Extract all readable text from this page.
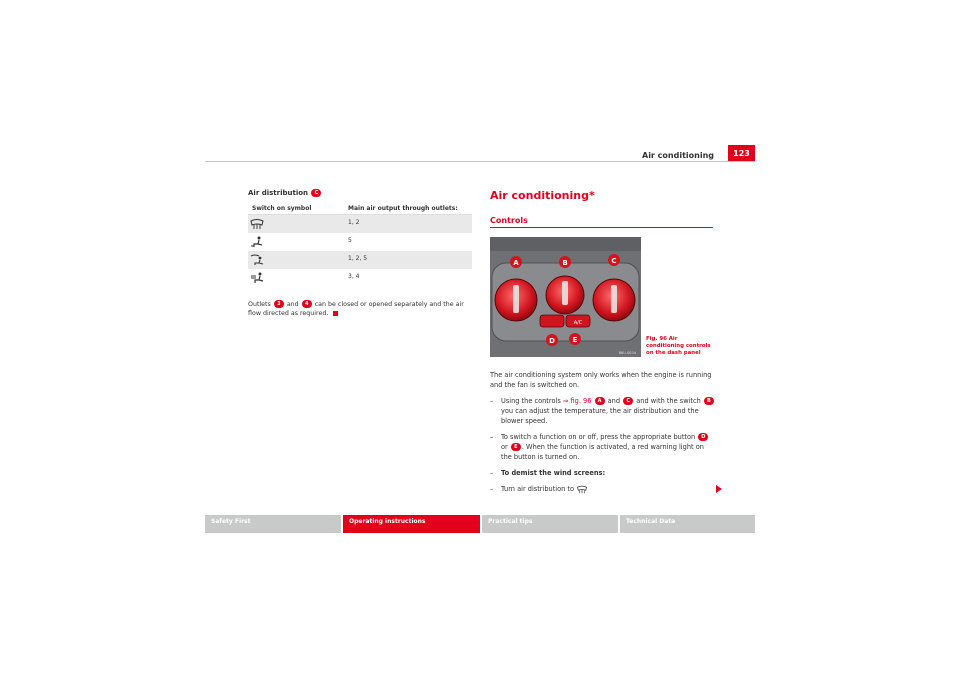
Air conditioning	123
Air distribution C
Switch on symbol	Main air output through outlets:
1, 2
5
1, 2, 5
3, 4
Outlets 3 and 4 can be closed or opened separately and the air flow directed as required.
Air conditioning*
Controls
A/C
A	B	C
D	E
B6U-0034
Fig. 96 Air conditioning controls on the dash panel

The air conditioning system only works when the engine is running and the fan is switched on.

– Using the controls ⇒ fig. 96 A and C and with the switch B you can adjust the temperature, the air distribution and the blower speed.
– To switch a function on or off, press the appropriate button D or E . When the function is activated, a red warning light on the button is turned on.
– To demist the wind screens:
– Turn air distribution to
Safety First	Operating instructions	Practical tips	Technical Data
